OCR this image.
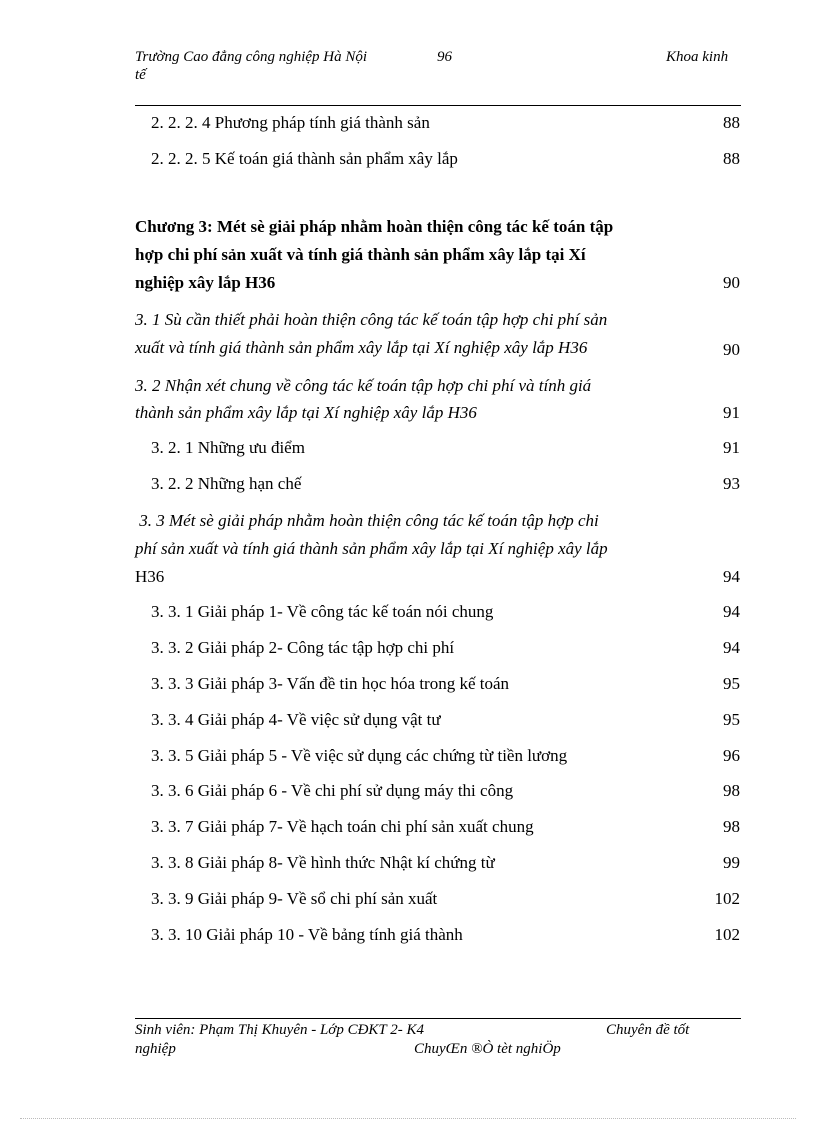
Trường Cao đẳng công nghiệp Hà Nội
tế
96	Khoa kinh
2. 2. 2. 4 Phương pháp tính giá thành sản	88
2. 2. 2. 5 Kế toán giá thành sản phẩm xây lắp	88
Chương 3: Mét sè giải pháp nhằm hoàn thiện công tác kế toán tập
hợp chi phí sản xuất và tính giá thành sản phẩm xây lắp tại Xí
nghiệp xây lắp H36	90
3. 1 Sù cần thiết phải hoàn thiện công tác kế toán tập hợp chi phí sản
xuất và tính giá thành sản phẩm xây lắp tại Xí nghiệp xây lắp H36	90
3. 2 Nhận xét chung về công tác kế toán tập hợp chi phí và tính giá
thành sản phẩm xây lắp tại Xí nghiệp xây lắp H36	91
3. 2. 1 Những ưu điểm	91
3. 2. 2 Những hạn chế	93
3. 3 Mét sè giải pháp nhằm hoàn thiện công tác kế toán tập hợp chi
phí sản xuất và tính giá thành sản phẩm xây lắp tại Xí nghiệp xây lắp
H36	94
3. 3. 1 Giải pháp 1- Về công tác kế toán nói chung	94
3. 3. 2 Giải pháp 2- Công tác tập hợp chi phí	94
3. 3. 3 Giải pháp 3- Vấn đề tin học hóa trong kế toán	95
3. 3. 4 Giải pháp 4- Về việc sử dụng vật tư	95
3. 3. 5 Giải pháp 5 - Về việc sử dụng các chứng từ tiền lương	96
3. 3. 6 Giải pháp 6 - Về chi phí sử dụng máy thi công	98
3. 3. 7 Giải pháp 7- Về hạch toán chi phí sản xuất chung	98
3. 3. 8 Giải pháp 8- Về hình thức Nhật kí chứng từ	99
3. 3. 9 Giải pháp 9- Về sổ chi phí sản xuất	102
3. 3. 10 Giải pháp 10 - Về bảng tính giá thành	102
Sinh viên: Phạm Thị Khuyên - Lớp CĐKT 2- K4	Chuyên đề tốt
nghiệp	ChuyŒn ®Ò tèt nghiÖp
